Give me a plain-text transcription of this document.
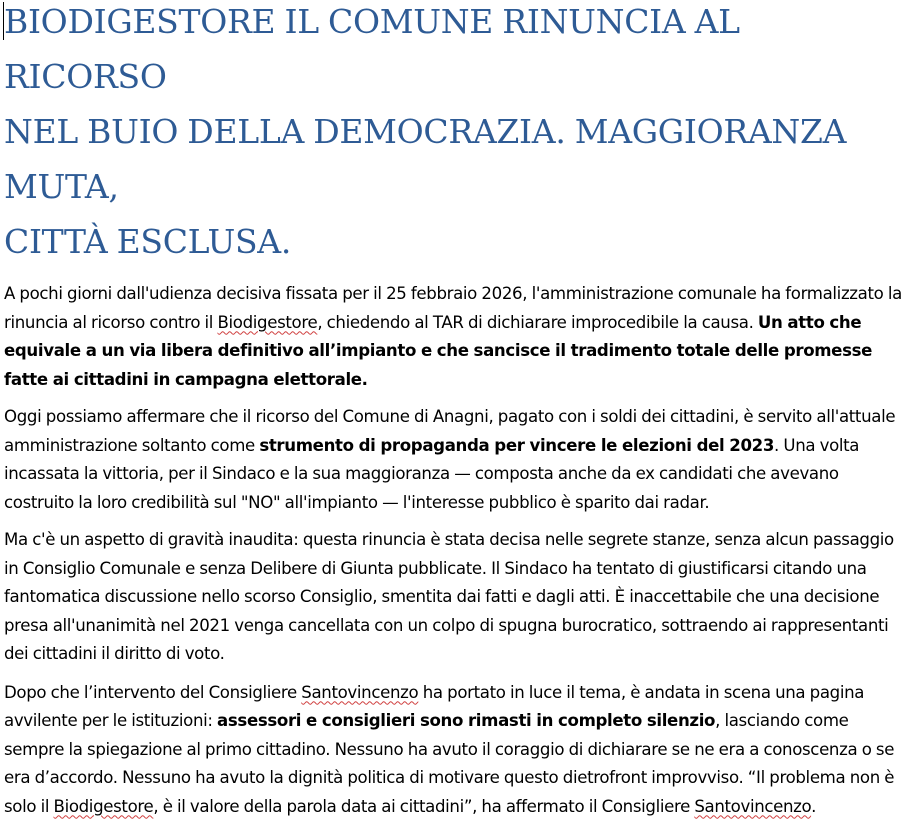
BIODIGESTORE IL COMUNE RINUNCIA AL RICORSO
NEL BUIO DELLA DEMOCRAZIA. MAGGIORANZA MUTA,
CITTÀ ESCLUSA.

A pochi giorni dall'udienza decisiva fissata per il 25 febbraio 2026, l'amministrazione comunale ha formalizzato la rinuncia al ricorso contro il Biodigestore, chiedendo al TAR di dichiarare improcedibile la causa. Un atto che equivale a un via libera definitivo all’impianto e che sancisce il tradimento totale delle promesse fatte ai cittadini in campagna elettorale.

Oggi possiamo affermare che il ricorso del Comune di Anagni, pagato con i soldi dei cittadini, è servito all'attuale amministrazione soltanto come strumento di propaganda per vincere le elezioni del 2023. Una volta incassata la vittoria, per il Sindaco e la sua maggioranza — composta anche da ex candidati che avevano costruito la loro credibilità sul "NO" all'impianto — l'interesse pubblico è sparito dai radar.

Ma c'è un aspetto di gravità inaudita: questa rinuncia è stata decisa nelle segrete stanze, senza alcun passaggio in Consiglio Comunale e senza Delibere di Giunta pubblicate. Il Sindaco ha tentato di giustificarsi citando una fantomatica discussione nello scorso Consiglio, smentita dai fatti e dagli atti. È inaccettabile che una decisione presa all'unanimità nel 2021 venga cancellata con un colpo di spugna burocratico, sottraendo ai rappresentanti dei cittadini il diritto di voto.

Dopo che l’intervento del Consigliere Santovincenzo ha portato in luce il tema, è andata in scena una pagina avvilente per le istituzioni: assessori e consiglieri sono rimasti in completo silenzio, lasciando come sempre la spiegazione al primo cittadino. Nessuno ha avuto il coraggio di dichiarare se ne era a conoscenza o se era d’accordo. Nessuno ha avuto la dignità politica di motivare questo dietrofront improvviso. “Il problema non è solo il Biodigestore, è il valore della parola data ai cittadini”, ha affermato il Consigliere Santovincenzo.
